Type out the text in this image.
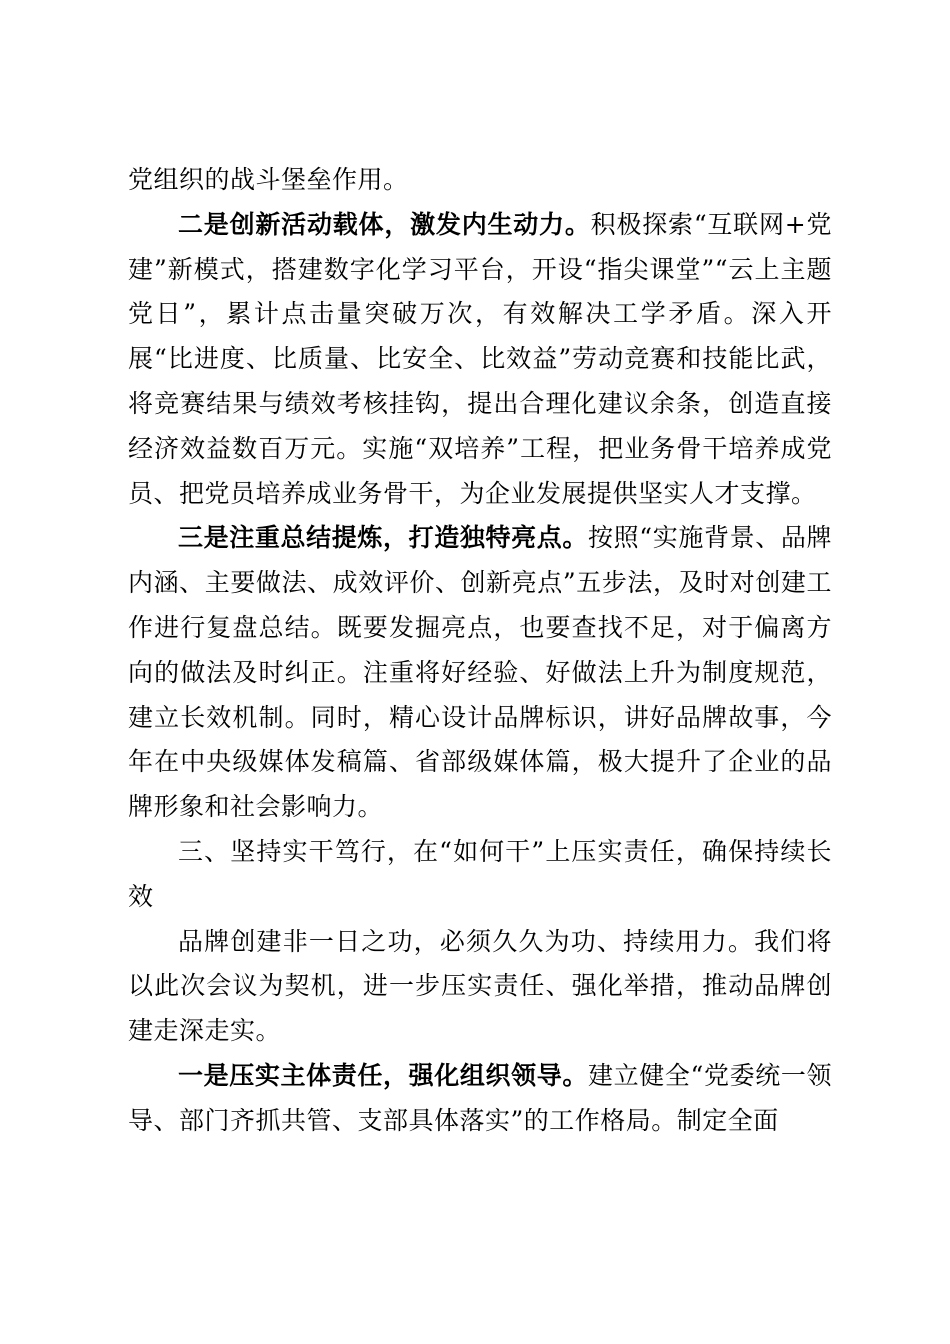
党组织的战斗堡垒作用。

二是创新活动载体，激发内生动力。积极探索“互联网+党建”新模式，搭建数字化学习平台，开设“指尖课堂”“云上主题党日”，累计点击量突破万次，有效解决工学矛盾。深入开展“比进度、比质量、比安全、比效益”劳动竞赛和技能比武，将竞赛结果与绩效考核挂钩，提出合理化建议余条，创造直接经济效益数百万元。实施“双培养”工程，把业务骨干培养成党员、把党员培养成业务骨干，为企业发展提供坚实人才支撑。

三是注重总结提炼，打造独特亮点。按照“实施背景、品牌内涵、主要做法、成效评价、创新亮点”五步法，及时对创建工作进行复盘总结。既要发掘亮点，也要查找不足，对于偏离方向的做法及时纠正。注重将好经验、好做法上升为制度规范，建立长效机制。同时，精心设计品牌标识，讲好品牌故事，今年在中央级媒体发稿篇、省部级媒体篇，极大提升了企业的品牌形象和社会影响力。

三、坚持实干笃行，在“如何干”上压实责任，确保持续长效

品牌创建非一日之功，必须久久为功、持续用力。我们将以此次会议为契机，进一步压实责任、强化举措，推动品牌创建走深走实。

一是压实主体责任，强化组织领导。建立健全“党委统一领导、部门齐抓共管、支部具体落实”的工作格局。制定全面
